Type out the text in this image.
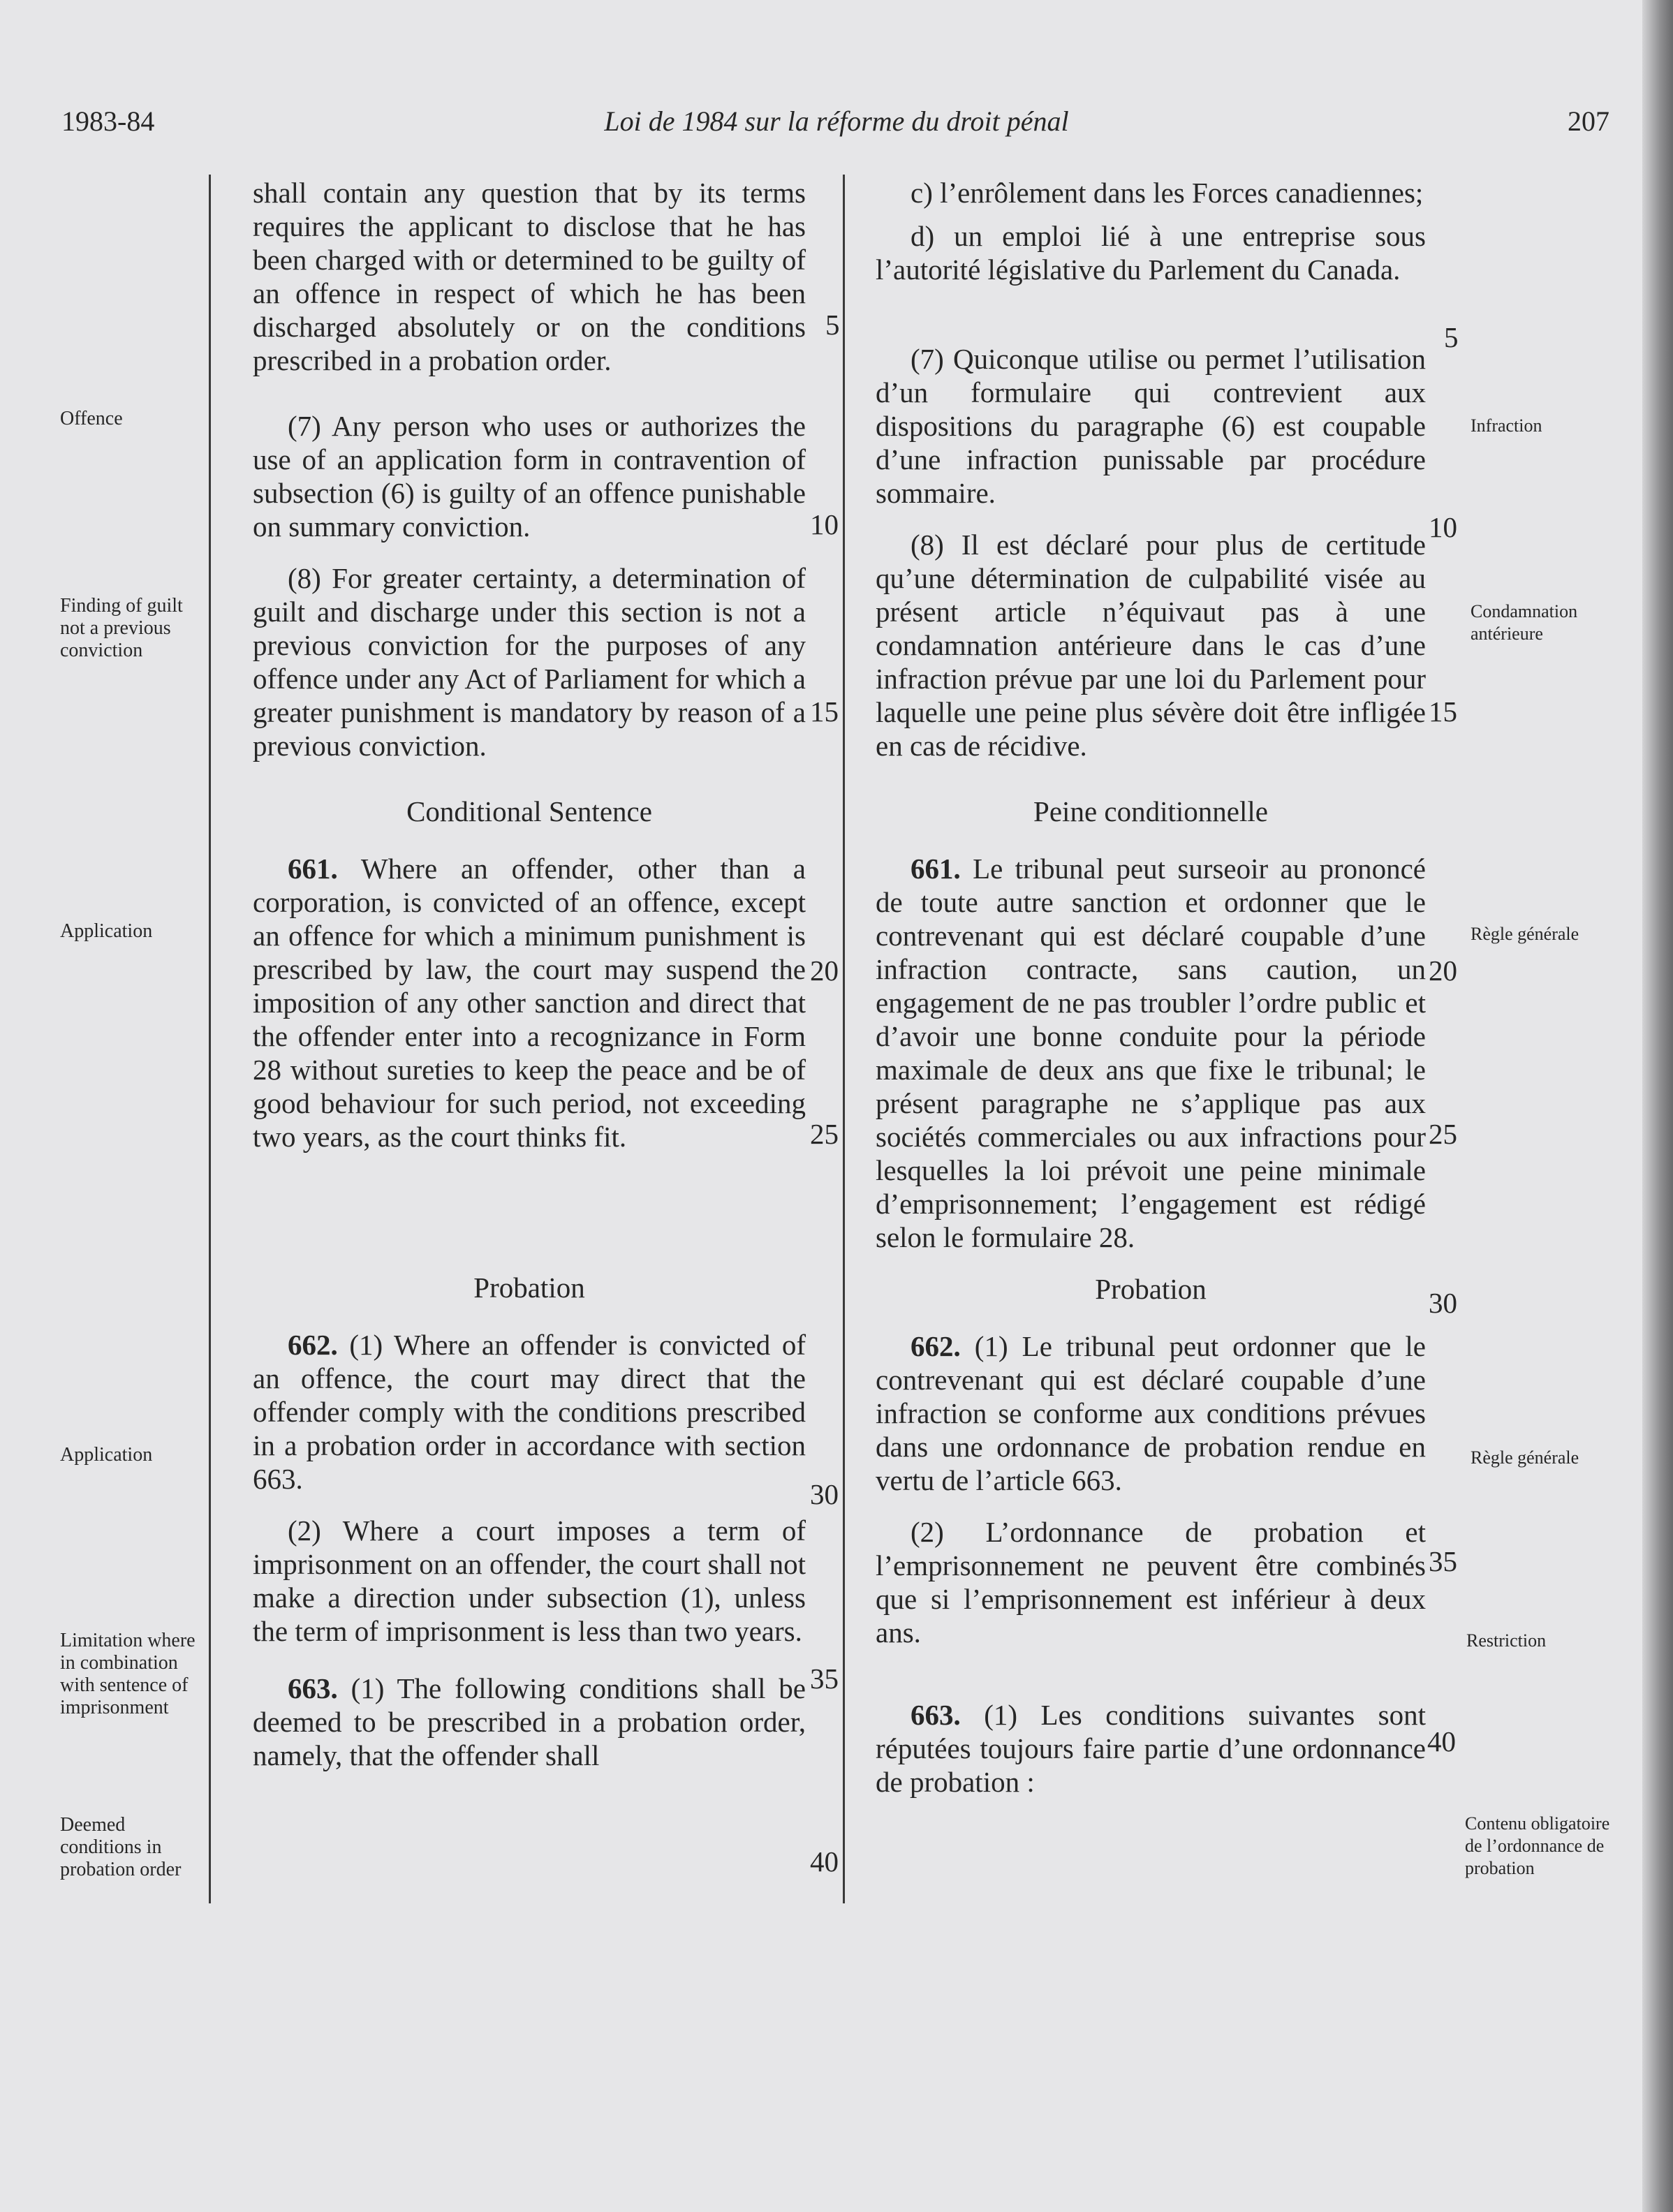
1983-84	Loi de 1984 sur la réforme du droit pénal	207

shall contain any question that by its terms requires the applicant to disclose that he has been charged with or determined to be guilty of an offence in respect of which he has been discharged absolutely or on the conditions prescribed in a probation order.

(7) Any person who uses or authorizes the use of an application form in contravention of subsection (6) is guilty of an offence punishable on summary conviction.

(8) For greater certainty, a determination of guilt and discharge under this section is not a previous conviction for the purposes of any offence under any Act of Parliament for which a greater punishment is mandatory by reason of a previous conviction.

Conditional Sentence

661. Where an offender, other than a corporation, is convicted of an offence, except an offence for which a minimum punishment is prescribed by law, the court may suspend the imposition of any other sanction and direct that the offender enter into a recognizance in Form 28 without sureties to keep the peace and be of good behaviour for such period, not exceeding two years, as the court thinks fit.

Probation

662. (1) Where an offender is convicted of an offence, the court may direct that the offender comply with the conditions prescribed in a probation order in accordance with section 663.

(2) Where a court imposes a term of imprisonment on an offender, the court shall not make a direction under subsection (1), unless the term of imprisonment is less than two years.

663. (1) The following conditions shall be deemed to be prescribed in a probation order, namely, that the offender shall

c) l’enrôlement dans les Forces canadiennes;

d) un emploi lié à une entreprise sous l’autorité législative du Parlement du Canada.

(7) Quiconque utilise ou permet l’utilisation d’un formulaire qui contrevient aux dispositions du paragraphe (6) est coupable d’une infraction punissable par procédure sommaire.

(8) Il est déclaré pour plus de certitude qu’une détermination de culpabilité visée au présent article n’équivaut pas à une condamnation antérieure dans le cas d’une infraction prévue par une loi du Parlement pour laquelle une peine plus sévère doit être infligée en cas de récidive.

Peine conditionnelle

661. Le tribunal peut surseoir au prononcé de toute autre sanction et ordonner que le contrevenant qui est déclaré coupable d’une infraction contracte, sans caution, un engagement de ne pas troubler l’ordre public et d’avoir une bonne conduite pour la période maximale de deux ans que fixe le tribunal; le présent paragraphe ne s’applique pas aux sociétés commerciales ou aux infractions pour lesquelles la loi prévoit une peine minimale d’emprisonnement; l’engagement est rédigé selon le formulaire 28.

Probation

662. (1) Le tribunal peut ordonner que le contrevenant qui est déclaré coupable d’une infraction se conforme aux conditions prévues dans une ordonnance de probation rendue en vertu de l’article 663.

(2) L’ordonnance de probation et l’emprisonnement ne peuvent être combinés que si l’emprisonnement est inférieur à deux ans.

663. (1) Les conditions suivantes sont réputées toujours faire partie d’une ordonnance de probation :

Offence
Finding of guilt not a previous conviction
Application
Application
Limitation where in combination with sentence of imprisonment
Deemed conditions in probation order
Infraction
Condamnation antérieure
Règle générale
Règle générale
Restriction
Contenu obligatoire de l’ordonnance de probation
5
10
15
20
25
30
35
40
5
10
15
20
25
30
35
40
